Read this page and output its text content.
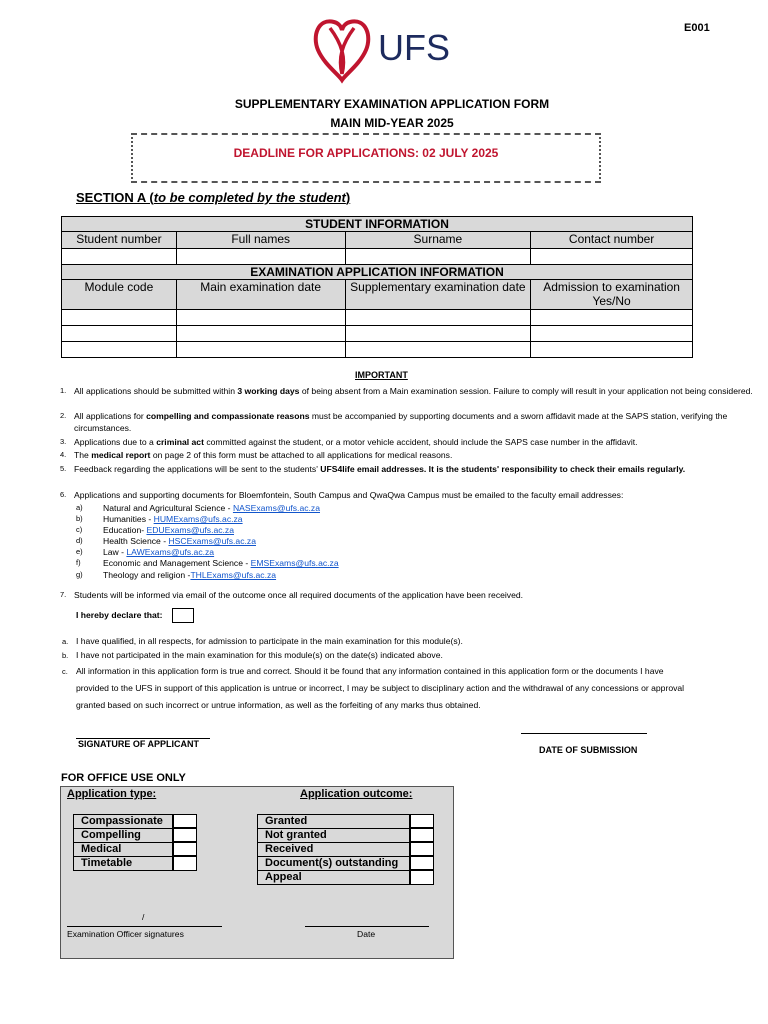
E001
UFS
SUPPLEMENTARY EXAMINATION APPLICATION FORM
MAIN MID-YEAR 2025
DEADLINE FOR APPLICATIONS: 02 JULY 2025
SECTION A (to be completed by the student)
STUDENT INFORMATION			
Student number	Full names	Surname	Contact number

EXAMINATION APPLICATION INFORMATION			
Module code	Main examination date	Supplementary examination date	Admission to examination Yes/No

IMPORTANT
1. All applications should be submitted within 3 working days of being absent from a Main examination session. Failure to comply will result in your application not being considered.
2. All applications for compelling and compassionate reasons must be accompanied by supporting documents and a sworn affidavit made at the SAPS station, verifying the circumstances.
3. Applications due to a criminal act committed against the student, or a motor vehicle accident, should include the SAPS case number in the affidavit.
4. The medical report on page 2 of this form must be attached to all applications for medical reasons.
5. Feedback regarding the applications will be sent to the students' UFS4life email addresses. It is the students' responsibility to check their emails regularly.
6. Applications and supporting documents for Bloemfontein, South Campus and QwaQwa Campus must be emailed to the faculty email addresses:
a) Natural and Agricultural Science - NASExams@ufs.ac.za
b) Humanities - HUMExams@ufs.ac.za
c) Education- EDUExams@ufs.ac.za
d) Health Science - HSCExams@ufs.ac.za
e) Law - LAWExams@ufs.ac.za
f)	Economic and Management Science - EMSExams@ufs.ac.za
g) Theology and religion -THLExams@ufs.ac.za
7. Students will be informed via email of the outcome once all required documents of the application have been received.
I hereby declare that:
a. I have qualified, in all respects, for admission to participate in the main examination for this module(s).
b. I have not participated in the main examination for this module(s) on the date(s) indicated above.
c. All information in this application form is true and correct. Should it be found that any information contained in this application form or the documents I have provided to the UFS in support of this application is untrue or incorrect, I may be subject to disciplinary action and the withdrawal of any concessions or approval granted based on such incorrect or untrue information, as well as the forfeiting of any marks thus obtained.
SIGNATURE OF APPLICANT
DATE OF SUBMISSION
FOR OFFICE USE ONLY
Application type:	Application outcome:
Compassionate
Compelling
Medical
Timetable
Granted
Not granted
Received
Document(s) outstanding
Appeal
/
Examination Officer signatures	Date
